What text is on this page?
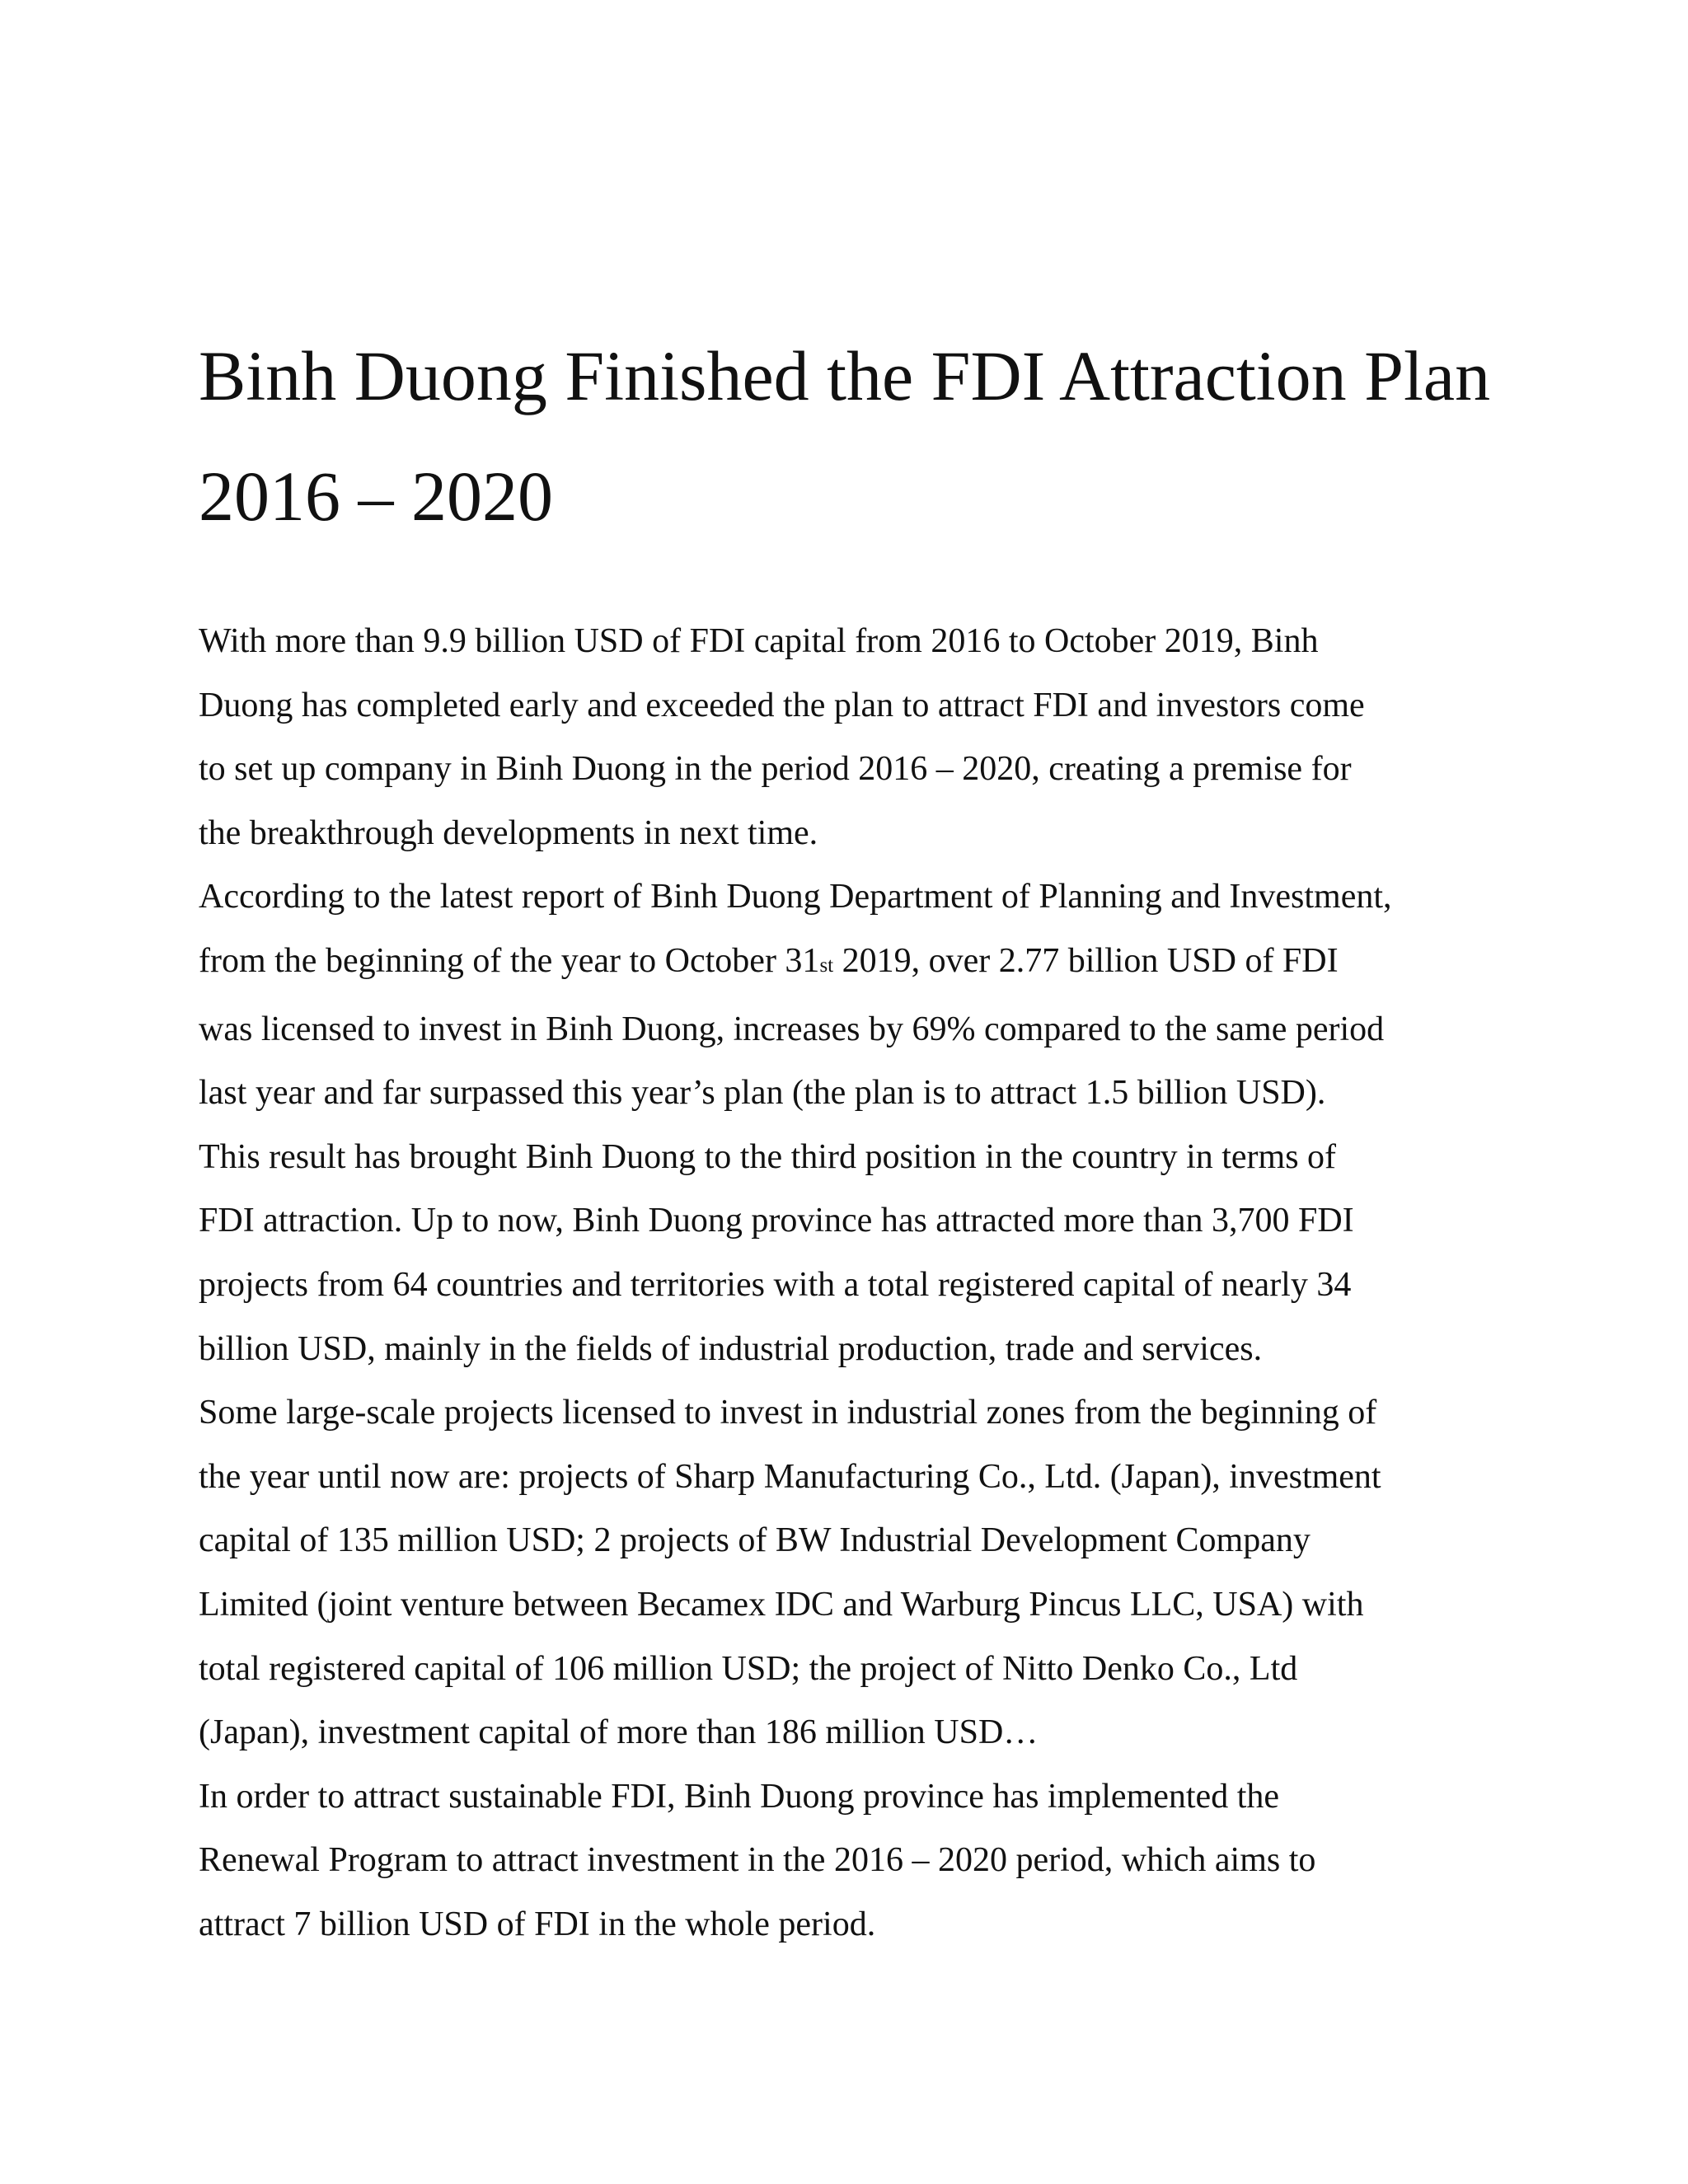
Binh Duong Finished the FDI Attraction Plan
2016 – 2020
With more than 9.9 billion USD of FDI capital from 2016 to October 2019, Binh
Duong has completed early and exceeded the plan to attract FDI and investors come
to set up company in Binh Duong in the period 2016 – 2020, creating a premise for
the breakthrough developments in next time.
According to the latest report of Binh Duong Department of Planning and Investment,
from the beginning of the year to October 31st 2019, over 2.77 billion USD of FDI
was licensed to invest in Binh Duong, increases by 69% compared to the same period
last year and far surpassed this year’s plan (the plan is to attract 1.5 billion USD).
This result has brought Binh Duong to the third position in the country in terms of
FDI attraction. Up to now, Binh Duong province has attracted more than 3,700 FDI
projects from 64 countries and territories with a total registered capital of nearly 34
billion USD, mainly in the fields of industrial production, trade and services.
Some large-scale projects licensed to invest in industrial zones from the beginning of
the year until now are: projects of Sharp Manufacturing Co., Ltd. (Japan), investment
capital of 135 million USD; 2 projects of BW Industrial Development Company
Limited (joint venture between Becamex IDC and Warburg Pincus LLC, USA) with
total registered capital of 106 million USD; the project of Nitto Denko Co., Ltd
(Japan), investment capital of more than 186 million USD…
In order to attract sustainable FDI, Binh Duong province has implemented the
Renewal Program to attract investment in the 2016 – 2020 period, which aims to
attract 7 billion USD of FDI in the whole period.
